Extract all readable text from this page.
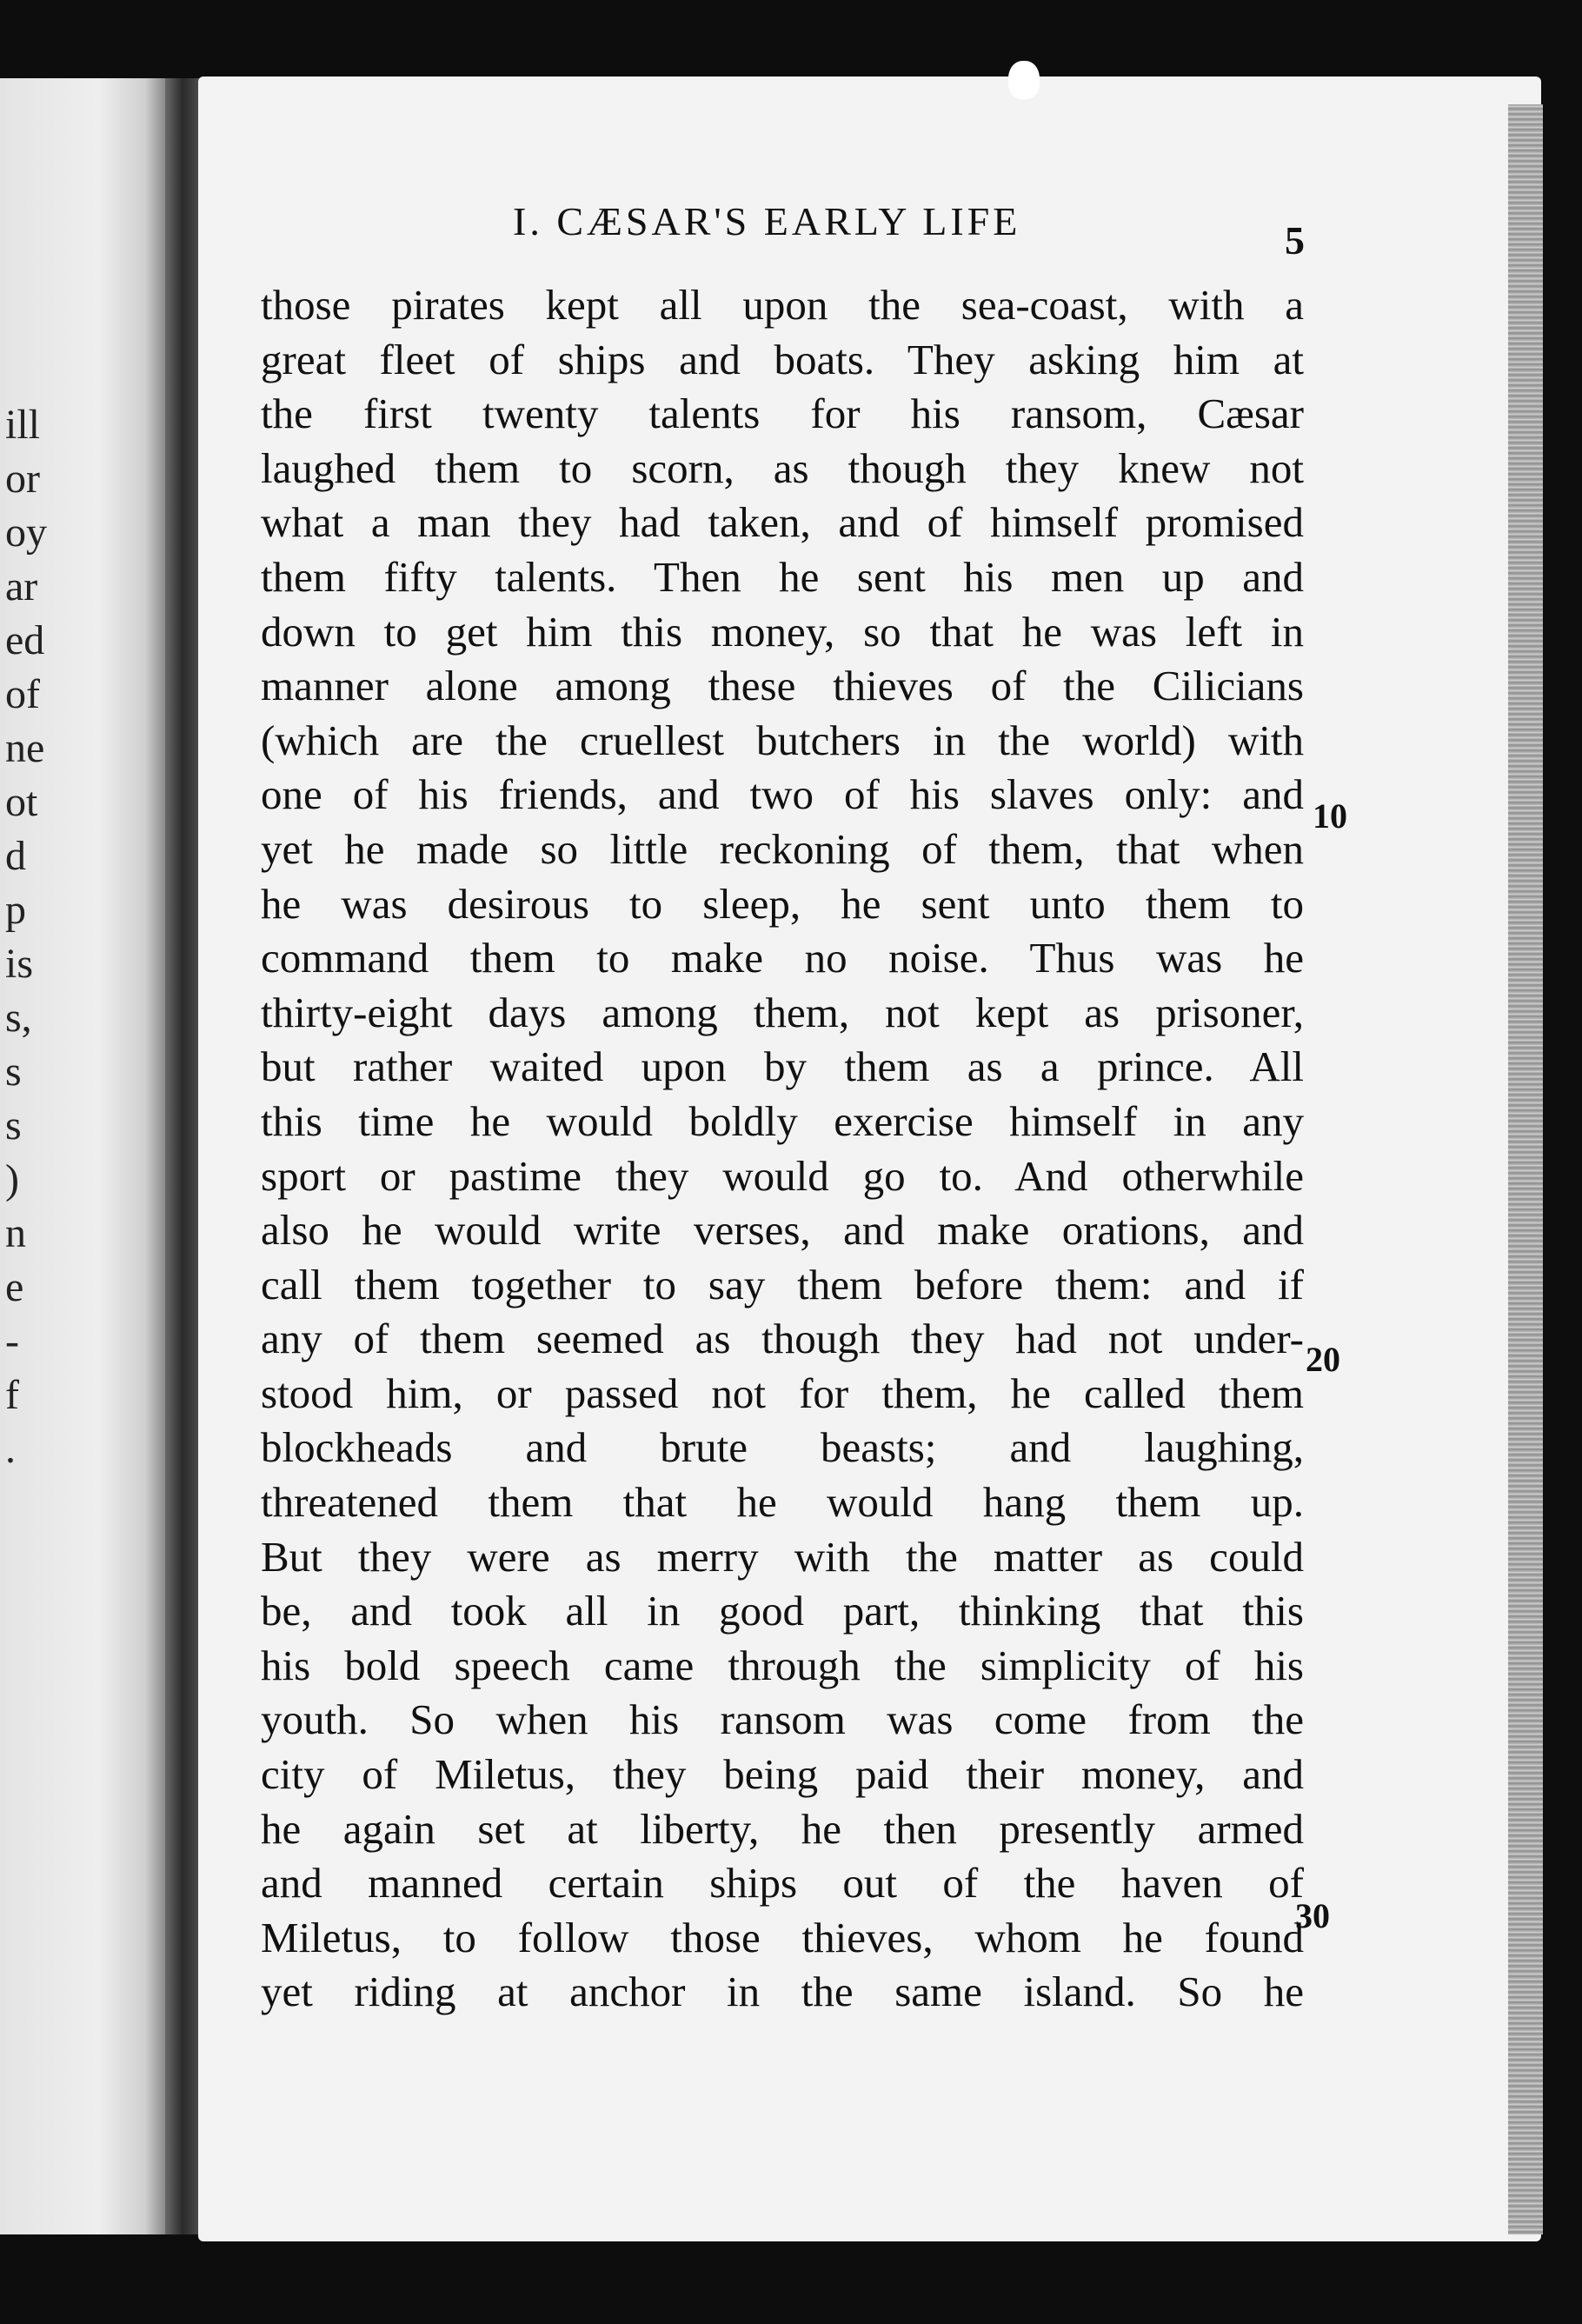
ill
or
oy
ar
ed
of
ne
ot
d
p
is
s,
s
s
)
n
e
-
f
.
I. CÆSAR'S EARLY LIFE	5
those pirates kept all upon the sea-coast, with a
great fleet of ships and boats. They asking him at
the first twenty talents for his ransom, Cæsar
laughed them to scorn, as though they knew not
what a man they had taken, and of himself promised
them fifty talents. Then he sent his men up and
down to get him this money, so that he was left in
manner alone among these thieves of the Cilicians
(which are the cruellest butchers in the world) with
one of his friends, and two of his slaves only: and
yet he made so little reckoning of them, that when
he was desirous to sleep, he sent unto them to
command them to make no noise. Thus was he
thirty-eight days among them, not kept as prisoner,
but rather waited upon by them as a prince. All
this time he would boldly exercise himself in any
sport or pastime they would go to. And otherwhile
also he would write verses, and make orations, and
call them together to say them before them: and if
any of them seemed as though they had not under-
stood him, or passed not for them, he called them
blockheads and brute beasts; and laughing,
threatened them that he would hang them up.
But they were as merry with the matter as could
be, and took all in good part, thinking that this
his bold speech came through the simplicity of his
youth. So when his ransom was come from the
city of Miletus, they being paid their money, and
he again set at liberty, he then presently armed
and manned certain ships out of the haven of
Miletus, to follow those thieves, whom he found
yet riding at anchor in the same island. So he
10
20
30
